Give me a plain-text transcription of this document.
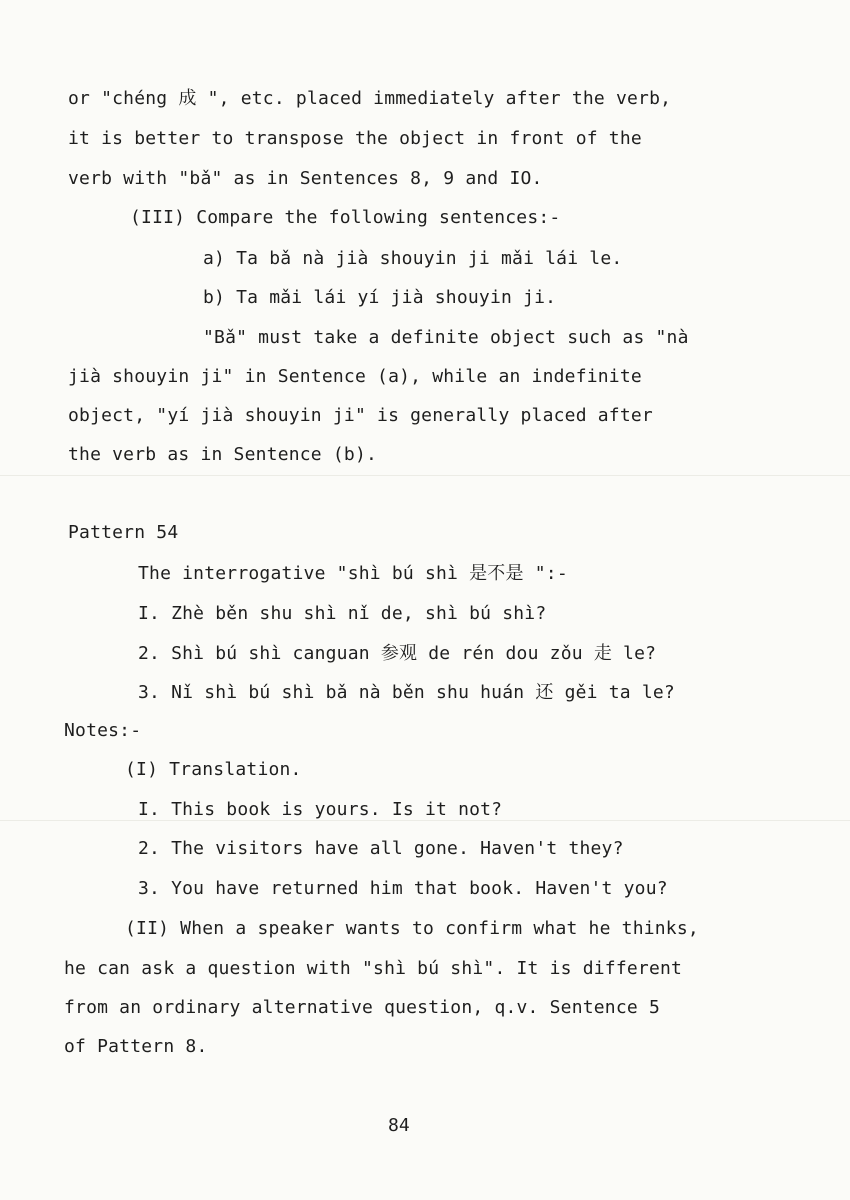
or "chéng 成 ", etc. placed immediately after the verb,
it is better to transpose the object in front of the
verb with "bǎ" as in Sentences 8, 9 and IO.
(III) Compare the following sentences:-
a) Ta bǎ nà jià shouyin ji mǎi lái le.
b) Ta mǎi lái yí jià shouyin ji.
"Bǎ" must take a definite object such as "nà
jià shouyin ji" in Sentence (a), while an indefinite
object, "yí jià shouyin ji" is generally placed after
the verb as in Sentence (b).
Pattern 54
The interrogative "shì bú shì 是不是 ":-
I. Zhè běn shu shì nǐ de, shì bú shì?
2. Shì bú shì canguan 参观 de rén dou zǒu 走 le?
3. Nǐ shì bú shì bǎ nà běn shu huán 还 gěi ta le?
Notes:-
(I) Translation.
I. This book is yours. Is it not?
2. The visitors have all gone. Haven't they?
3. You have returned him that book. Haven't you?
(II) When a speaker wants to confirm what he thinks,
he can ask a question with "shì bú shì". It is different
from an ordinary alternative question, q.v. Sentence 5
of Pattern 8.
84
